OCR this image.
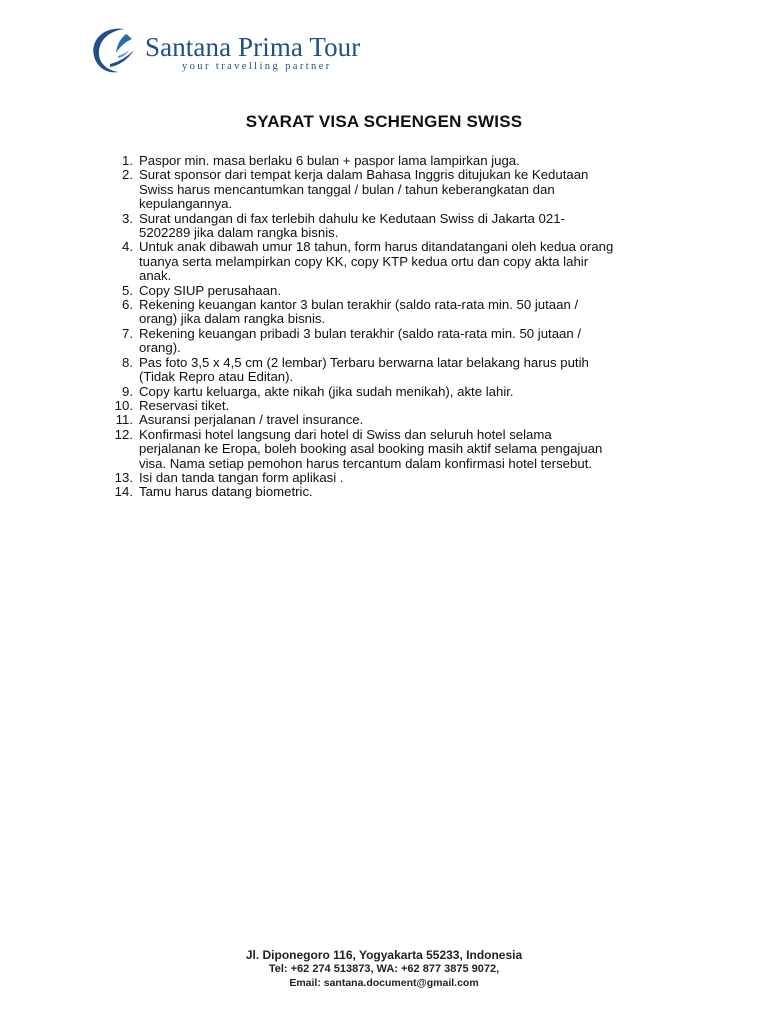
Santana Prima Tour
your travelling partner
SYARAT VISA SCHENGEN SWISS
1. Paspor min. masa berlaku 6 bulan + paspor lama lampirkan juga.
2. Surat sponsor dari tempat kerja dalam Bahasa Inggris ditujukan ke Kedutaan
Swiss harus mencantumkan tanggal / bulan / tahun keberangkatan dan
kepulangannya.
3. Surat undangan di fax terlebih dahulu ke Kedutaan Swiss di Jakarta 021-
5202289 jika dalam rangka bisnis.
4. Untuk anak dibawah umur 18 tahun, form harus ditandatangani oleh kedua orang
tuanya serta melampirkan copy KK, copy KTP kedua ortu dan copy akta lahir
anak.
5. Copy SIUP perusahaan.
6. Rekening keuangan kantor 3 bulan terakhir (saldo rata-rata min. 50 jutaan /
orang) jika dalam rangka bisnis.
7. Rekening keuangan pribadi 3 bulan terakhir (saldo rata-rata min. 50 jutaan /
orang).
8. Pas foto 3,5 x 4,5 cm (2 lembar) Terbaru berwarna latar belakang harus putih
(Tidak Repro atau Editan).
9. Copy kartu keluarga, akte nikah (jika sudah menikah), akte lahir.
10. Reservasi tiket.
11. Asuransi perjalanan / travel insurance.
12. Konfirmasi hotel langsung dari hotel di Swiss dan seluruh hotel selama
perjalanan ke Eropa, boleh booking asal booking masih aktif selama pengajuan
visa. Nama setiap pemohon harus tercantum dalam konfirmasi hotel tersebut.
13. Isi dan tanda tangan form aplikasi .
14. Tamu harus datang biometric.
Jl. Diponegoro 116, Yogyakarta 55233, Indonesia
Tel: +62 274 513873, WA: +62 877 3875 9072,
Email: santana.document@gmail.com
